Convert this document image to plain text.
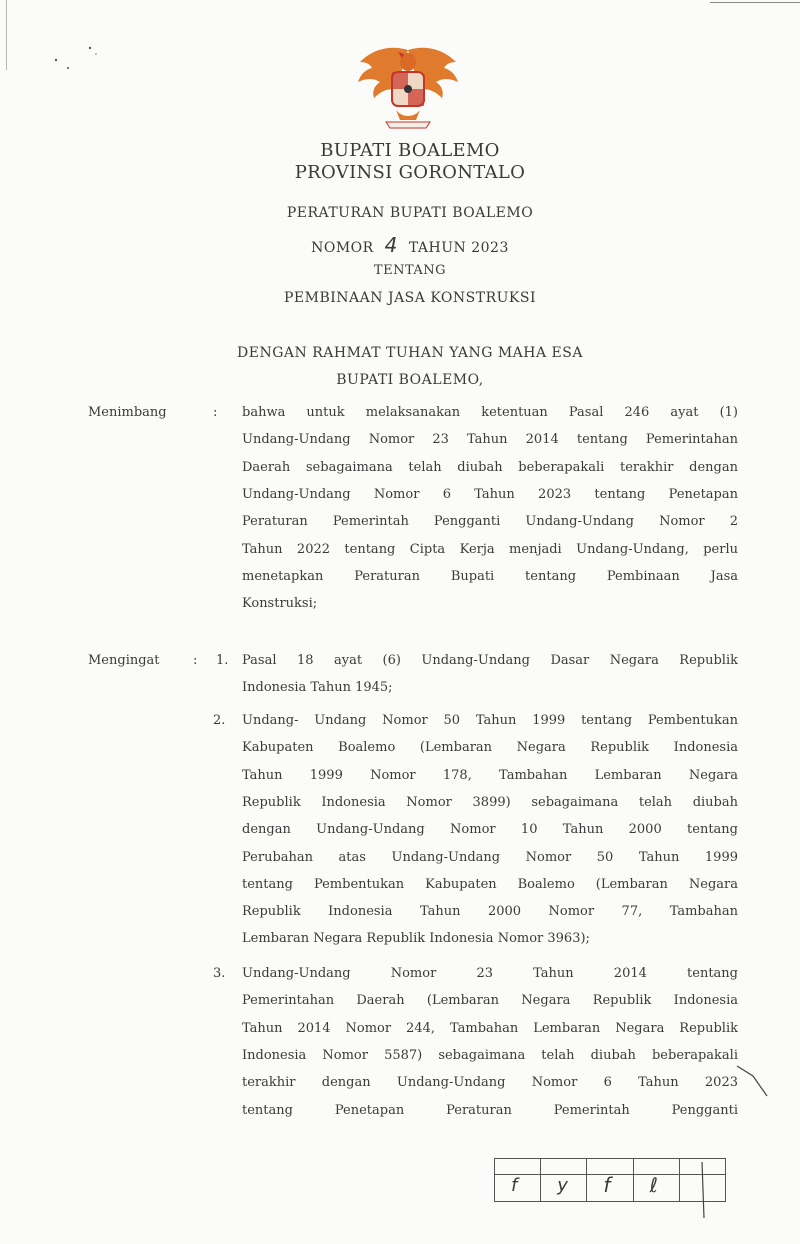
BUPATI BOALEMO
PROVINSI GORONTALO
PERATURAN BUPATI BOALEMO
NOMOR 4 TAHUN 2023
TENTANG
PEMBINAAN JASA KONSTRUKSI
DENGAN RAHMAT TUHAN YANG MAHA ESA
BUPATI BOALEMO,
Menimbang	: bahwa untuk melaksanakan ketentuan Pasal 246 ayat (1)
Undang-Undang Nomor 23 Tahun 2014 tentang Pemerintahan
Daerah sebagaimana telah diubah beberapakali terakhir dengan
Undang-Undang Nomor 6 Tahun 2023 tentang Penetapan
Peraturan Pemerintah Pengganti Undang-Undang Nomor 2
Tahun 2022 tentang Cipta Kerja menjadi Undang-Undang, perlu
menetapkan Peraturan Bupati tentang Pembinaan Jasa
Konstruksi;
Mengingat	: 1. Pasal 18 ayat (6) Undang-Undang Dasar Negara Republik
Indonesia Tahun 1945;
2. Undang- Undang Nomor 50 Tahun 1999 tentang Pembentukan
Kabupaten Boalemo (Lembaran Negara Republik Indonesia
Tahun 1999 Nomor 178, Tambahan Lembaran Negara
Republik Indonesia Nomor 3899) sebagaimana telah diubah
dengan Undang-Undang Nomor 10 Tahun 2000 tentang
Perubahan atas Undang-Undang Nomor 50 Tahun 1999
tentang Pembentukan Kabupaten Boalemo (Lembaran Negara
Republik Indonesia Tahun 2000 Nomor 77, Tambahan
Lembaran Negara Republik Indonesia Nomor 3963);
3. Undang-Undang Nomor 23 Tahun 2014 tentang
Pemerintahan Daerah (Lembaran Negara Republik Indonesia
Tahun 2014 Nomor 244, Tambahan Lembaran Negara Republik
Indonesia Nomor 5587) sebagaimana telah diubah beberapakali
terakhir dengan Undang-Undang Nomor 6 Tahun 2023
tentang Penetapan Peraturan Pemerintah Pengganti
f y f ℓ
